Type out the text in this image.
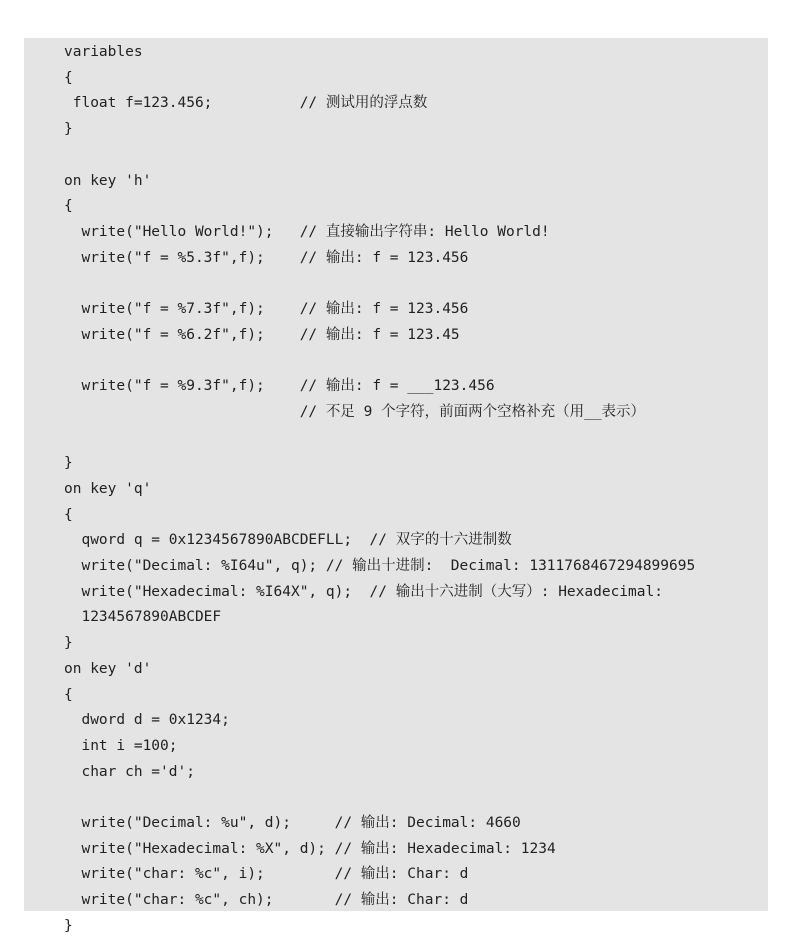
variables
{
float f=123.456;          // 测试用的浮点数
}
on key 'h'
{
write("Hello World!");   // 直接输出字符串: Hello World!
write("f = %5.3f",f);    // 输出: f = 123.456
write("f = %7.3f",f);    // 输出: f = 123.456
write("f = %6.2f",f);    // 输出: f = 123.45
write("f = %9.3f",f);    // 输出: f = ___123.456
// 不足 9 个字符，前面两个空格补充（用__表示）
}
on key 'q'
{
qword q = 0x1234567890ABCDEFLL;  // 双字的十六进制数
write("Decimal: %I64u", q); // 输出十进制:  Decimal: 1311768467294899695
write("Hexadecimal: %I64X", q);  // 输出十六进制（大写）: Hexadecimal:
1234567890ABCDEF
}
on key 'd'
{
dword d = 0x1234;
int i =100;
char ch ='d';
write("Decimal: %u", d);     // 输出: Decimal: 4660
write("Hexadecimal: %X", d); // 输出: Hexadecimal: 1234
write("char: %c", i);        // 输出: Char: d
write("char: %c", ch);       // 输出: Char: d
}
